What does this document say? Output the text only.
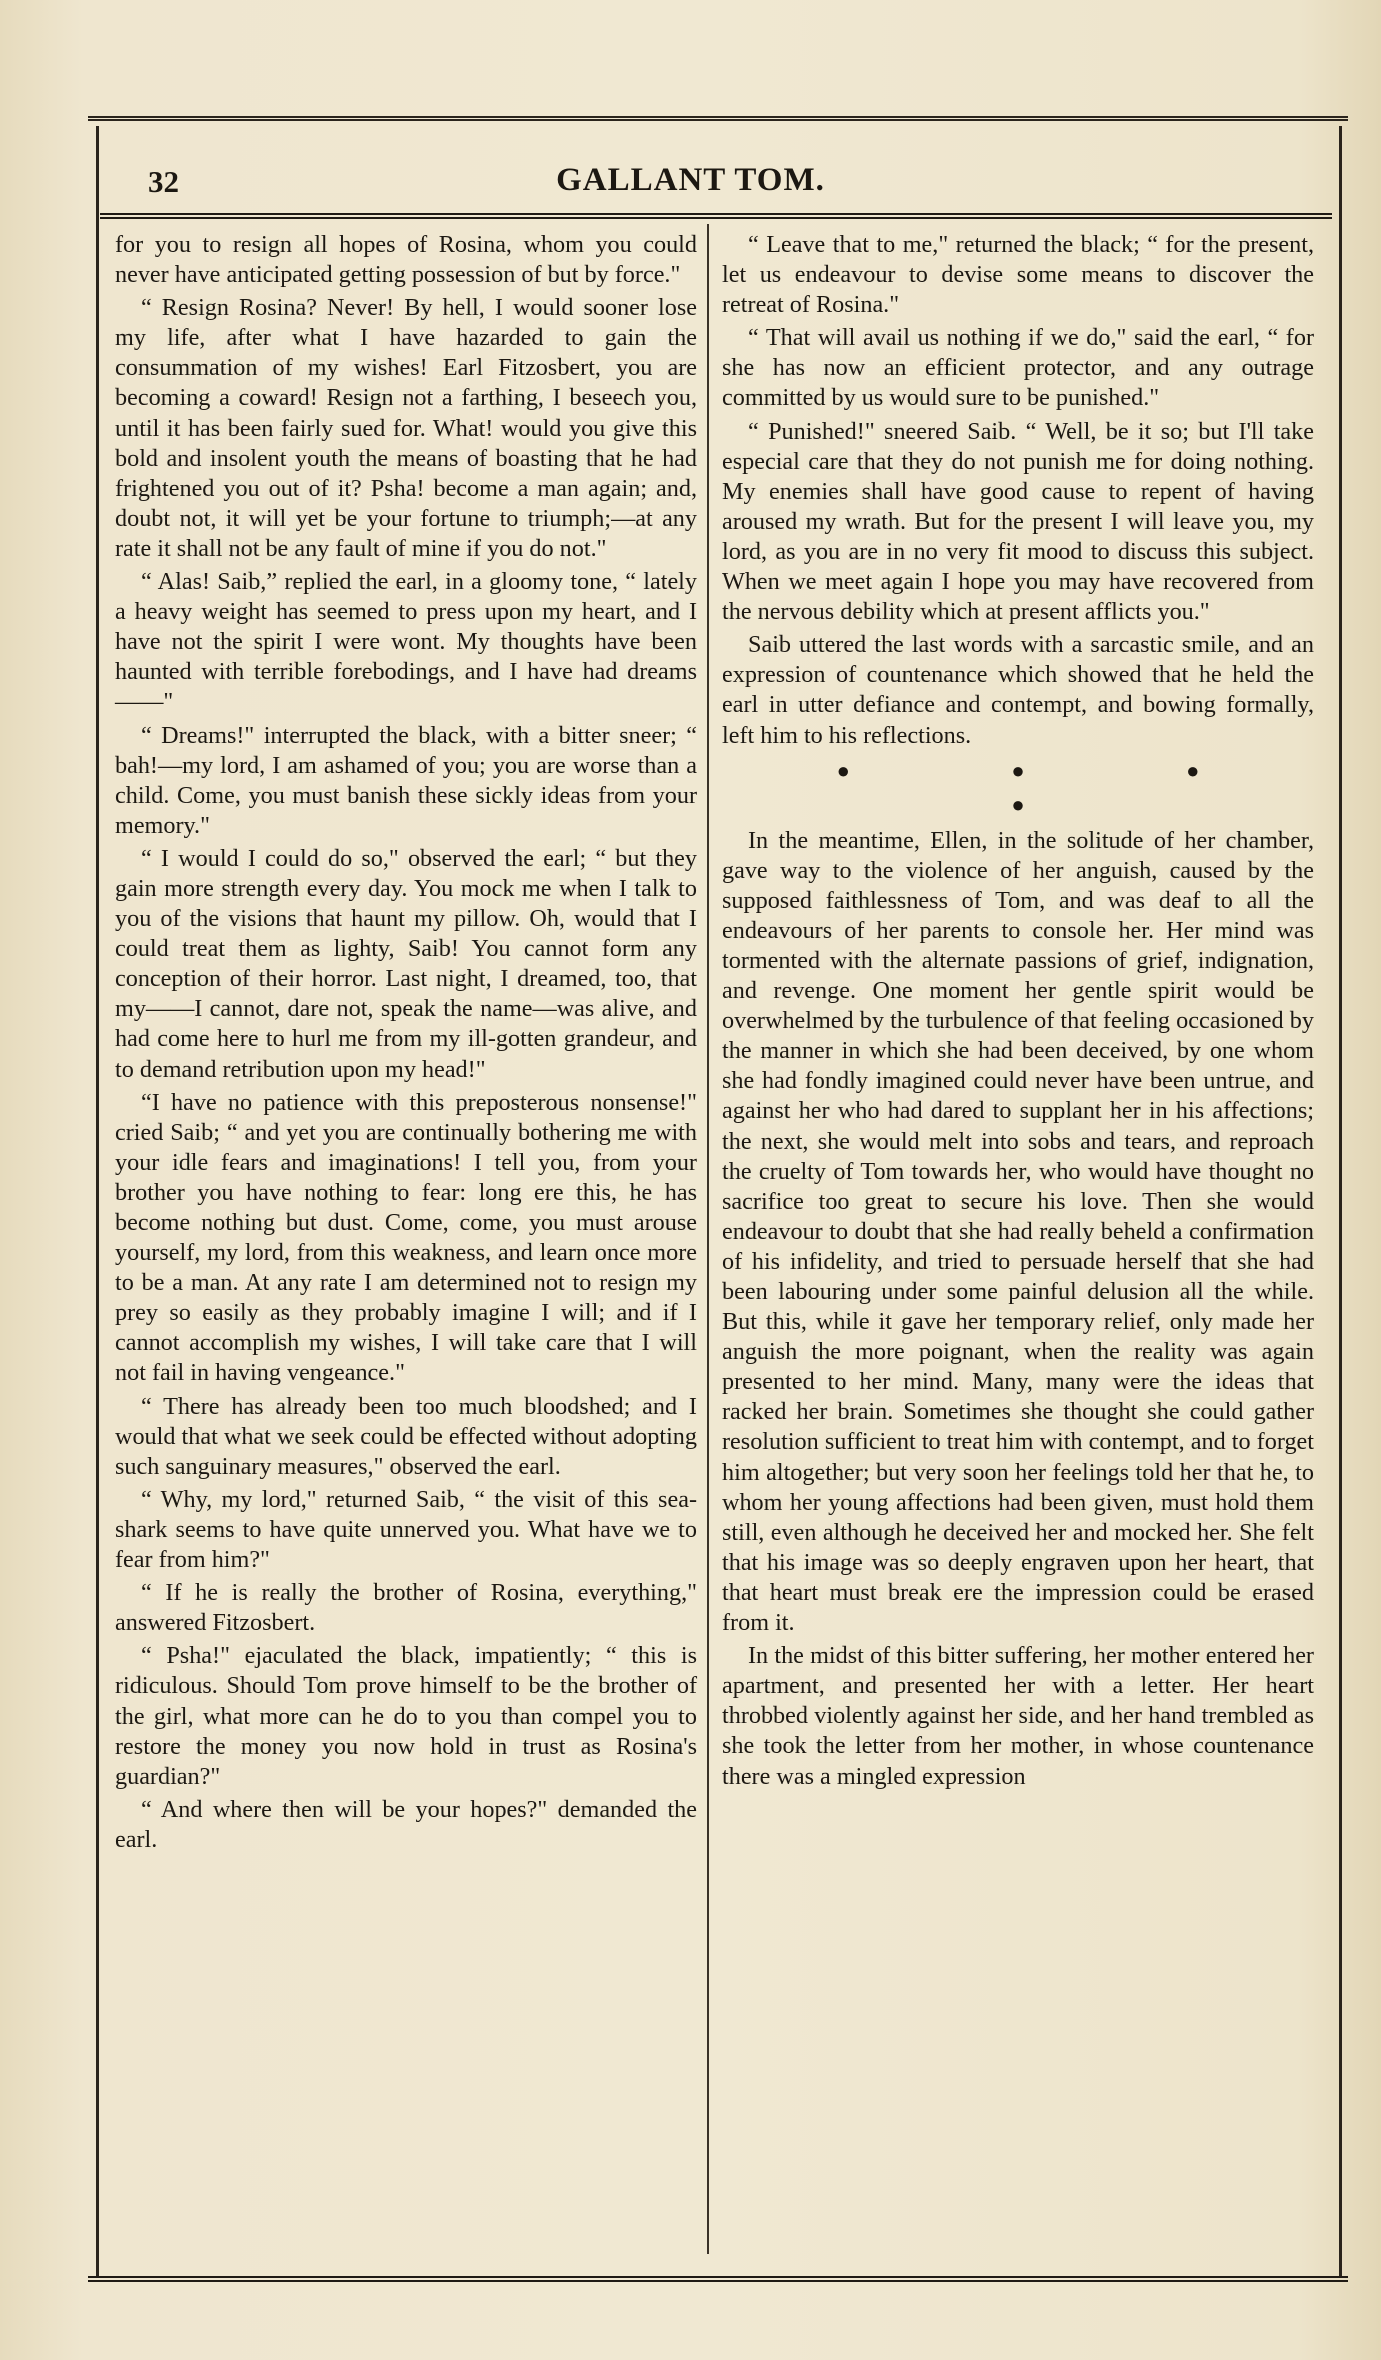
32	GALLANT TOM.

for you to resign all hopes of Rosina, whom you could never have anticipated getting possession of but by force."

“ Resign Rosina? Never! By hell, I would sooner lose my life, after what I have hazarded to gain the consummation of my wishes! Earl Fitzosbert, you are becoming a coward! Resign not a farthing, I beseech you, until it has been fairly sued for. What! would you give this bold and insolent youth the means of boasting that he had frightened you out of it? Psha! become a man again; and, doubt not, it will yet be your fortune to triumph;—at any rate it shall not be any fault of mine if you do not."

“ Alas! Saib,” replied the earl, in a gloomy tone, “ lately a heavy weight has seemed to press upon my heart, and I have not the spirit I were wont. My thoughts have been haunted with terrible forebodings, and I have had dreams——"

“ Dreams!" interrupted the black, with a bitter sneer; “ bah!—my lord, I am ashamed of you; you are worse than a child. Come, you must banish these sickly ideas from your memory."

“ I would I could do so," observed the earl; “ but they gain more strength every day. You mock me when I talk to you of the visions that haunt my pillow. Oh, would that I could treat them as lighty, Saib! You cannot form any conception of their horror. Last night, I dreamed, too, that my——I cannot, dare not, speak the name—was alive, and had come here to hurl me from my ill-gotten grandeur, and to demand retribution upon my head!"

“I have no patience with this preposterous nonsense!" cried Saib; “ and yet you are continually bothering me with your idle fears and imaginations! I tell you, from your brother you have nothing to fear: long ere this, he has become nothing but dust. Come, come, you must arouse yourself, my lord, from this weakness, and learn once more to be a man. At any rate I am determined not to resign my prey so easily as they probably imagine I will; and if I cannot accomplish my wishes, I will take care that I will not fail in having vengeance."

“ There has already been too much bloodshed; and I would that what we seek could be effected without adopting such sanguinary measures," observed the earl.

“ Why, my lord," returned Saib, “ the visit of this sea-shark seems to have quite unnerved you. What have we to fear from him?"

“ If he is really the brother of Rosina, everything," answered Fitzosbert.

“ Psha!" ejaculated the black, impatiently; “ this is ridiculous. Should Tom prove himself to be the brother of the girl, what more can he do to you than compel you to restore the money you now hold in trust as Rosina's guardian?"

“ And where then will be your hopes?" demanded the earl.

“ Leave that to me," returned the black; “ for the present, let us endeavour to devise some means to discover the retreat of Rosina."

“ That will avail us nothing if we do," said the earl, “ for she has now an efficient protector, and any outrage committed by us would sure to be punished."

“ Punished!" sneered Saib. “ Well, be it so; but I'll take especial care that they do not punish me for doing nothing. My enemies shall have good cause to repent of having aroused my wrath. But for the present I will leave you, my lord, as you are in no very fit mood to discuss this subject. When we meet again I hope you may have recovered from the nervous debility which at present afflicts you."

Saib uttered the last words with a sarcastic smile, and an expression of countenance which showed that he held the earl in utter defiance and contempt, and bowing formally, left him to his reflections.

● ● ● ●

In the meantime, Ellen, in the solitude of her chamber, gave way to the violence of her anguish, caused by the supposed faithlessness of Tom, and was deaf to all the endeavours of her parents to console her. Her mind was tormented with the alternate passions of grief, indignation, and revenge. One moment her gentle spirit would be overwhelmed by the turbulence of that feeling occasioned by the manner in which she had been deceived, by one whom she had fondly imagined could never have been untrue, and against her who had dared to supplant her in his affections; the next, she would melt into sobs and tears, and reproach the cruelty of Tom towards her, who would have thought no sacrifice too great to secure his love. Then she would endeavour to doubt that she had really beheld a confirmation of his infidelity, and tried to persuade herself that she had been labouring under some painful delusion all the while. But this, while it gave her temporary relief, only made her anguish the more poignant, when the reality was again presented to her mind. Many, many were the ideas that racked her brain. Sometimes she thought she could gather resolution sufficient to treat him with contempt, and to forget him altogether; but very soon her feelings told her that he, to whom her young affections had been given, must hold them still, even although he deceived her and mocked her. She felt that his image was so deeply engraven upon her heart, that that heart must break ere the impression could be erased from it.

In the midst of this bitter suffering, her mother entered her apartment, and presented her with a letter. Her heart throbbed violently against her side, and her hand trembled as she took the letter from her mother, in whose countenance there was a mingled expression
